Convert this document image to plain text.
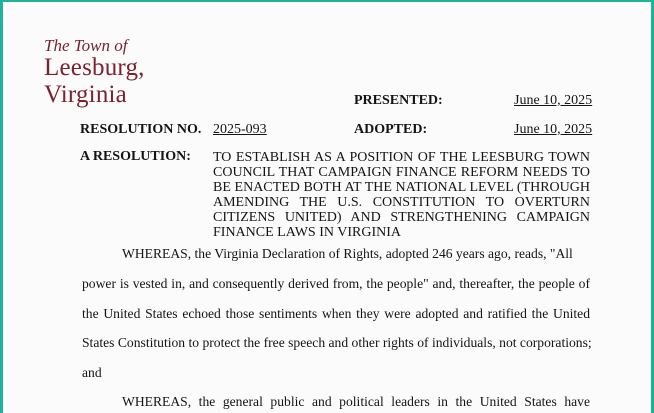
The Town of
Leesburg,
Virginia	PRESENTED:	June 10, 2025
RESOLUTION NO. 2025-093	ADOPTED:	June 10, 2025
A RESOLUTION: TO ESTABLISH AS A POSITION OF THE LEESBURG TOWN
COUNCIL THAT CAMPAIGN FINANCE REFORM NEEDS TO
BE ENACTED BOTH AT THE NATIONAL LEVEL (THROUGH
AMENDING THE U.S. CONSTITUTION TO OVERTURN
CITIZENS UNITED) AND STRENGTHENING CAMPAIGN
FINANCE LAWS IN VIRGINIA
WHEREAS, the Virginia Declaration of Rights, adopted 246 years ago, reads, "All
power is vested in, and consequently derived from, the people" and, thereafter, the people of
the United States echoed those sentiments when they were adopted and ratified the United
States Constitution to protect the free speech and other rights of individuals, not corporations;
and
WHEREAS, the general public and political leaders in the United States have
